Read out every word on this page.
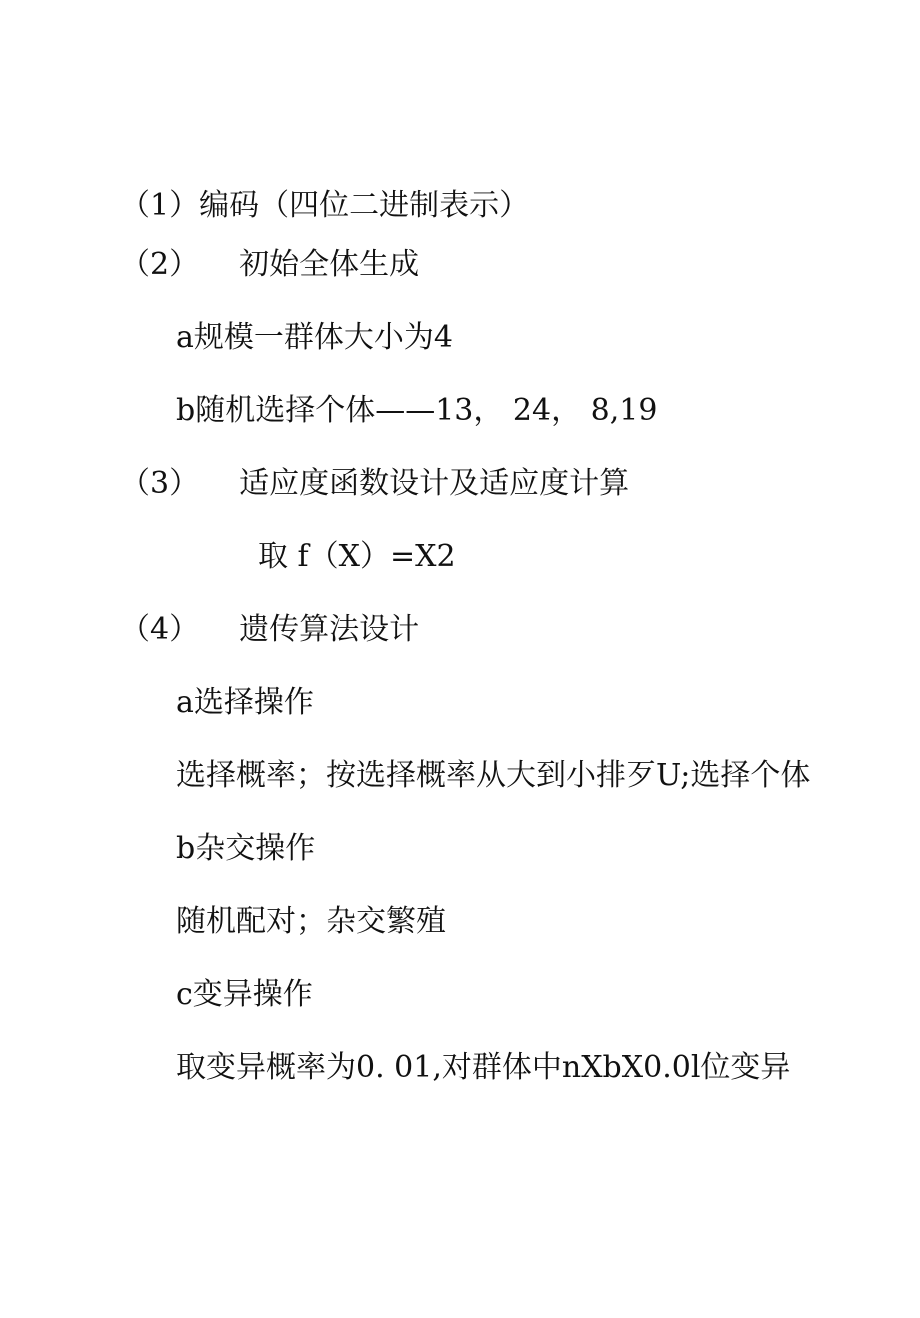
（1）编码（四位二进制表示）
（2） 初始全体生成
a规模一群体大小为4
b随机选择个体——13， 24， 8,19
（3） 适应度函数设计及适应度计算
取 f（X）=X2
（4） 遗传算法设计
a选择操作
选择概率；按选择概率从大到小排歹U;选择个体
b杂交操作
随机配对；杂交繁殖
c变异操作
取变异概率为0. 01,对群体中nXbX0.0l位变异
